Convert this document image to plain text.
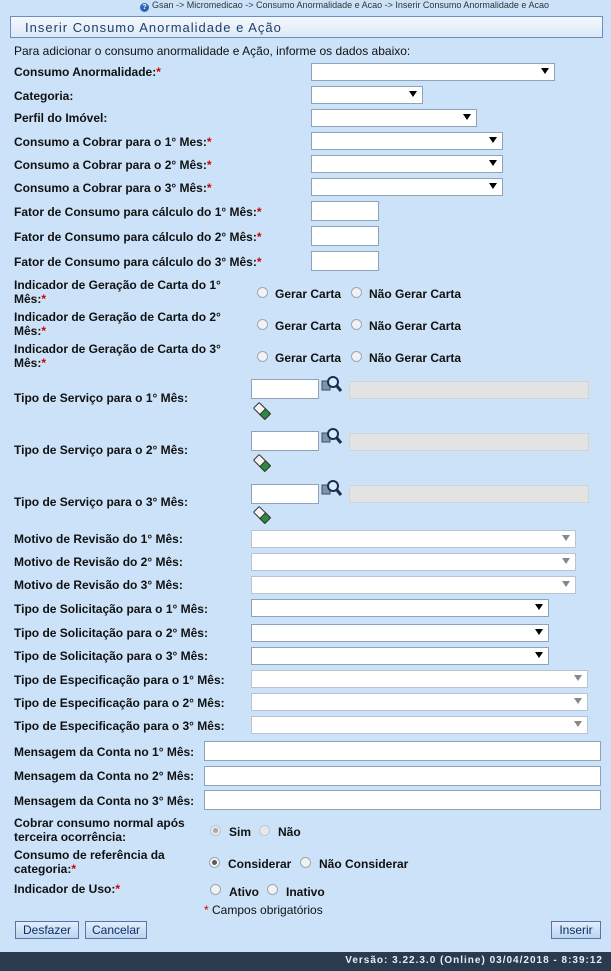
? Gsan -> Micromedicao -> Consumo Anormalidade e Acao -> Inserir Consumo Anormalidade e Acao
Inserir Consumo Anormalidade e Ação
Para adicionar o consumo anormalidade e Ação, informe os dados abaixo:
Consumo Anormalidade:*
Categoria:
Perfil do Imóvel:
Consumo a Cobrar para o 1° Mes:*
Consumo a Cobrar para o 2° Mês:*
Consumo a Cobrar para o 3° Mês:*
Fator de Consumo para cálculo do 1° Mês:*
Fator de Consumo para cálculo do 2° Mês:*
Fator de Consumo para cálculo do 3° Mês:*
Indicador de Geração de Carta do 1°
Mês:*	Gerar Carta Não Gerar Carta
Indicador de Geração de Carta do 2°
Mês:*	Gerar Carta Não Gerar Carta
Indicador de Geração de Carta do 3°
Mês:*	Gerar Carta Não Gerar Carta
Tipo de Serviço para o 1° Mês:
Tipo de Serviço para o 2° Mês:
Tipo de Serviço para o 3° Mês:
Motivo de Revisão do 1° Mês:
Motivo de Revisão do 2° Mês:
Motivo de Revisão do 3° Mês:
Tipo de Solicitação para o 1° Mês:
Tipo de Solicitação para o 2° Mês:
Tipo de Solicitação para o 3° Mês:
Tipo de Especificação para o 1° Mês:
Tipo de Especificação para o 2° Mês:
Tipo de Especificação para o 3° Mês:
Mensagem da Conta no 1° Mês:
Mensagem da Conta no 2° Mês:
Mensagem da Conta no 3° Mês:
Cobrar consumo normal após
terceira ocorrência:	Sim Não
Consumo de referência da
categoria:*	Considerar Não Considerar
Indicador de Uso:*	Ativo Inativo
* Campos obrigatórios
Desfazer	Cancelar	Inserir
Versão: 3.22.3.0 (Online) 03/04/2018 - 8:39:12
